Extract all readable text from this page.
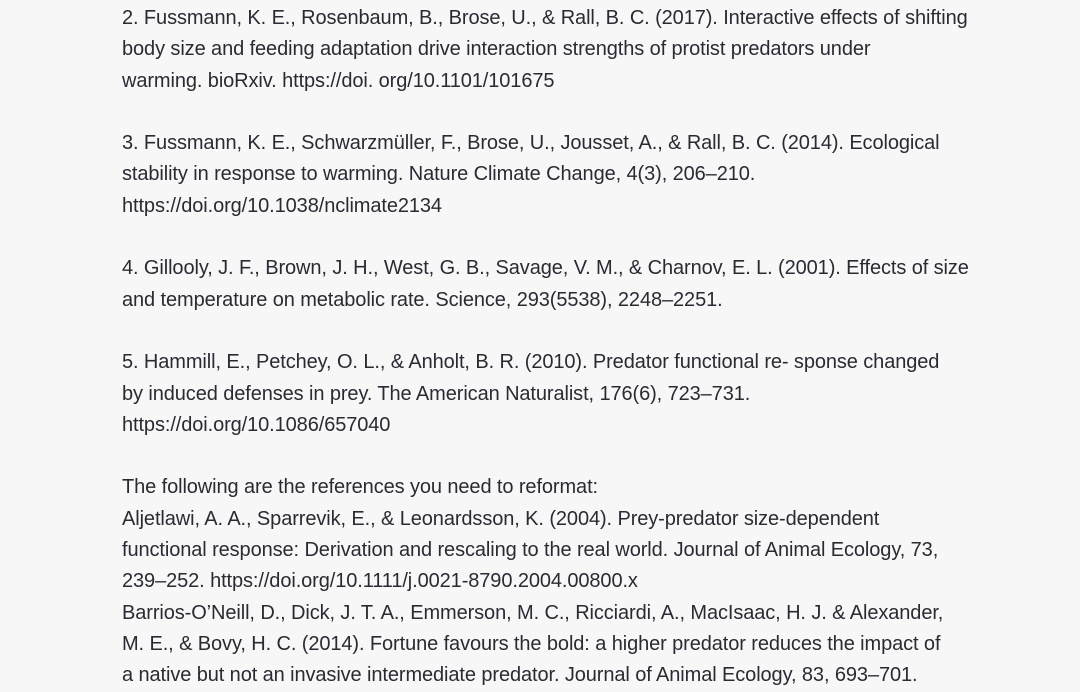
2. Fussmann, K. E., Rosenbaum, B., Brose, U., & Rall, B. C. (2017). Interactive effects of shifting
body size and feeding adaptation drive interaction strengths of protist predators under
warming. bioRxiv. https://doi. org/10.1101/101675

3. Fussmann, K. E., Schwarzmüller, F., Brose, U., Jousset, A., & Rall, B. C. (2014). Ecological
stability in response to warming. Nature Climate Change, 4(3), 206–210.
https://doi.org/10.1038/nclimate2134

4. Gillooly, J. F., Brown, J. H., West, G. B., Savage, V. M., & Charnov, E. L. (2001). Effects of size
and temperature on metabolic rate. Science, 293(5538), 2248–2251.

5. Hammill, E., Petchey, O. L., & Anholt, B. R. (2010). Predator functional re- sponse changed
by induced defenses in prey. The American Naturalist, 176(6), 723–731.
https://doi.org/10.1086/657040

The following are the references you need to reformat:

Aljetlawi, A. A., Sparrevik, E., & Leonardsson, K. (2004). Prey-predator size-dependent
functional response: Derivation and rescaling to the real world. Journal of Animal Ecology, 73,
239–252. https://doi.org/10.1111/j.0021-8790.2004.00800.x

Barrios-O’Neill, D., Dick, J. T. A., Emmerson, M. C., Ricciardi, A., MacIsaac, H. J. & Alexander,
M. E., & Bovy, H. C. (2014). Fortune favours the bold: a higher predator reduces the impact of
a native but not an invasive intermediate predator. Journal of Animal Ecology, 83, 693–701.
